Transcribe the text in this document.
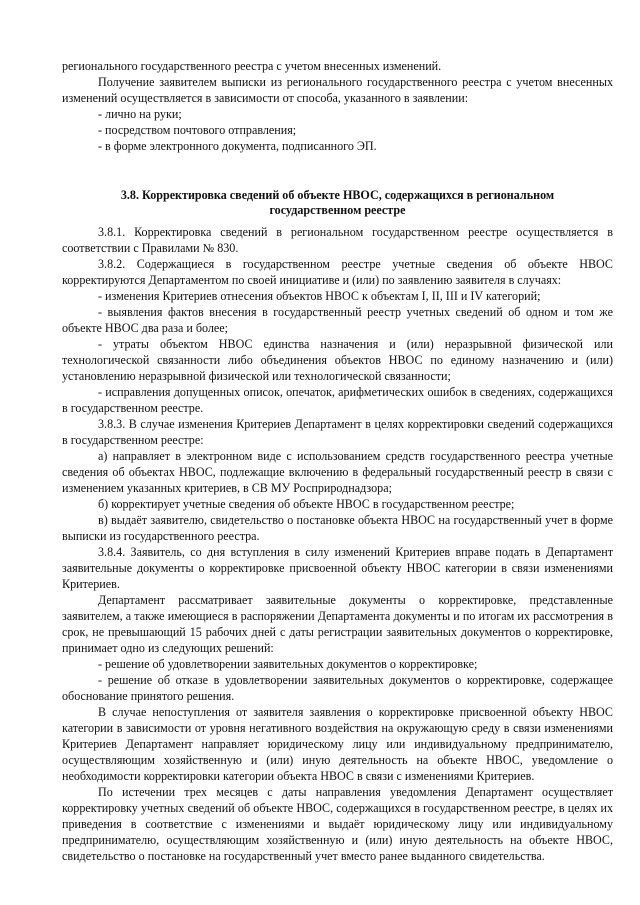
регионального государственного реестра с учетом внесенных изменений.

Получение заявителем выписки из регионального государственного реестра с учетом внесенных изменений осуществляется в зависимости от способа, указанного в заявлении:

- лично на руки;

- посредством почтового отправления;

- в форме электронного документа, подписанного ЭП.

3.8. Корректировка сведений об объекте НВОС, содержащихся в региональном государственном реестре

3.8.1. Корректировка сведений в региональном государственном реестре осуществляется в соответствии с Правилами № 830.

3.8.2. Содержащиеся в государственном реестре учетные сведения об объекте НВОС корректируются Департаментом по своей инициативе и (или) по заявлению заявителя в случаях:

- изменения Критериев отнесения объектов НВОС к объектам I, II, III и IV категорий;

- выявления фактов внесения в государственный реестр учетных сведений об одном и том же объекте НВОС два раза и более;

- утраты объектом НВОС единства назначения и (или) неразрывной физической или технологической связанности либо объединения объектов НВОС по единому назначению и (или) установлению неразрывной физической или технологической связанности;

- исправления допущенных описок, опечаток, арифметических ошибок в сведениях, содержащихся в государственном реестре.

3.8.3. В случае изменения Критериев Департамент в целях корректировки сведений содержащихся в государственном реестре:

а) направляет в электронном виде с использованием средств государственного реестра учетные сведения об объектах НВОС, подлежащие включению в федеральный государственный реестр в связи с изменением указанных критериев, в СВ МУ Росприроднадзора;

б) корректирует учетные сведения об объекте НВОС в государственном реестре;

в) выдаёт заявителю, свидетельство о постановке объекта НВОС на государственный учет в форме выписки из государственного реестра.

3.8.4. Заявитель, со дня вступления в силу изменений Критериев вправе подать в Департамент заявительные документы о корректировке присвоенной объекту НВОС категории в связи изменениями Критериев.

Департамент рассматривает заявительные документы о корректировке, представленные заявителем, а также имеющиеся в распоряжении Департамента документы и по итогам их рассмотрения в срок, не превышающий 15 рабочих дней с даты регистрации заявительных документов о корректировке, принимает одно из следующих решений:

- решение об удовлетворении заявительных документов о корректировке;

- решение об отказе в удовлетворении заявительных документов о корректировке, содержащее обоснование принятого решения.

В случае непоступления от заявителя заявления о корректировке присвоенной объекту НВОС категории в зависимости от уровня негативного воздействия на окружающую среду в связи изменениями Критериев Департамент направляет юридическому лицу или индивидуальному предпринимателю, осуществляющим хозяйственную и (или) иную деятельность на объекте НВОС, уведомление о необходимости корректировки категории объекта НВОС в связи с изменениями Критериев.

По истечении трех месяцев с даты направления уведомления Департамент осуществляет корректировку учетных сведений об объекте НВОС, содержащихся в государственном реестре, в целях их приведения в соответствие с изменениями и выдаёт юридическому лицу или индивидуальному предпринимателю, осуществляющим хозяйственную и (или) иную деятельность на объекте НВОС, свидетельство о постановке на государственный учет вместо ранее выданного свидетельства.
